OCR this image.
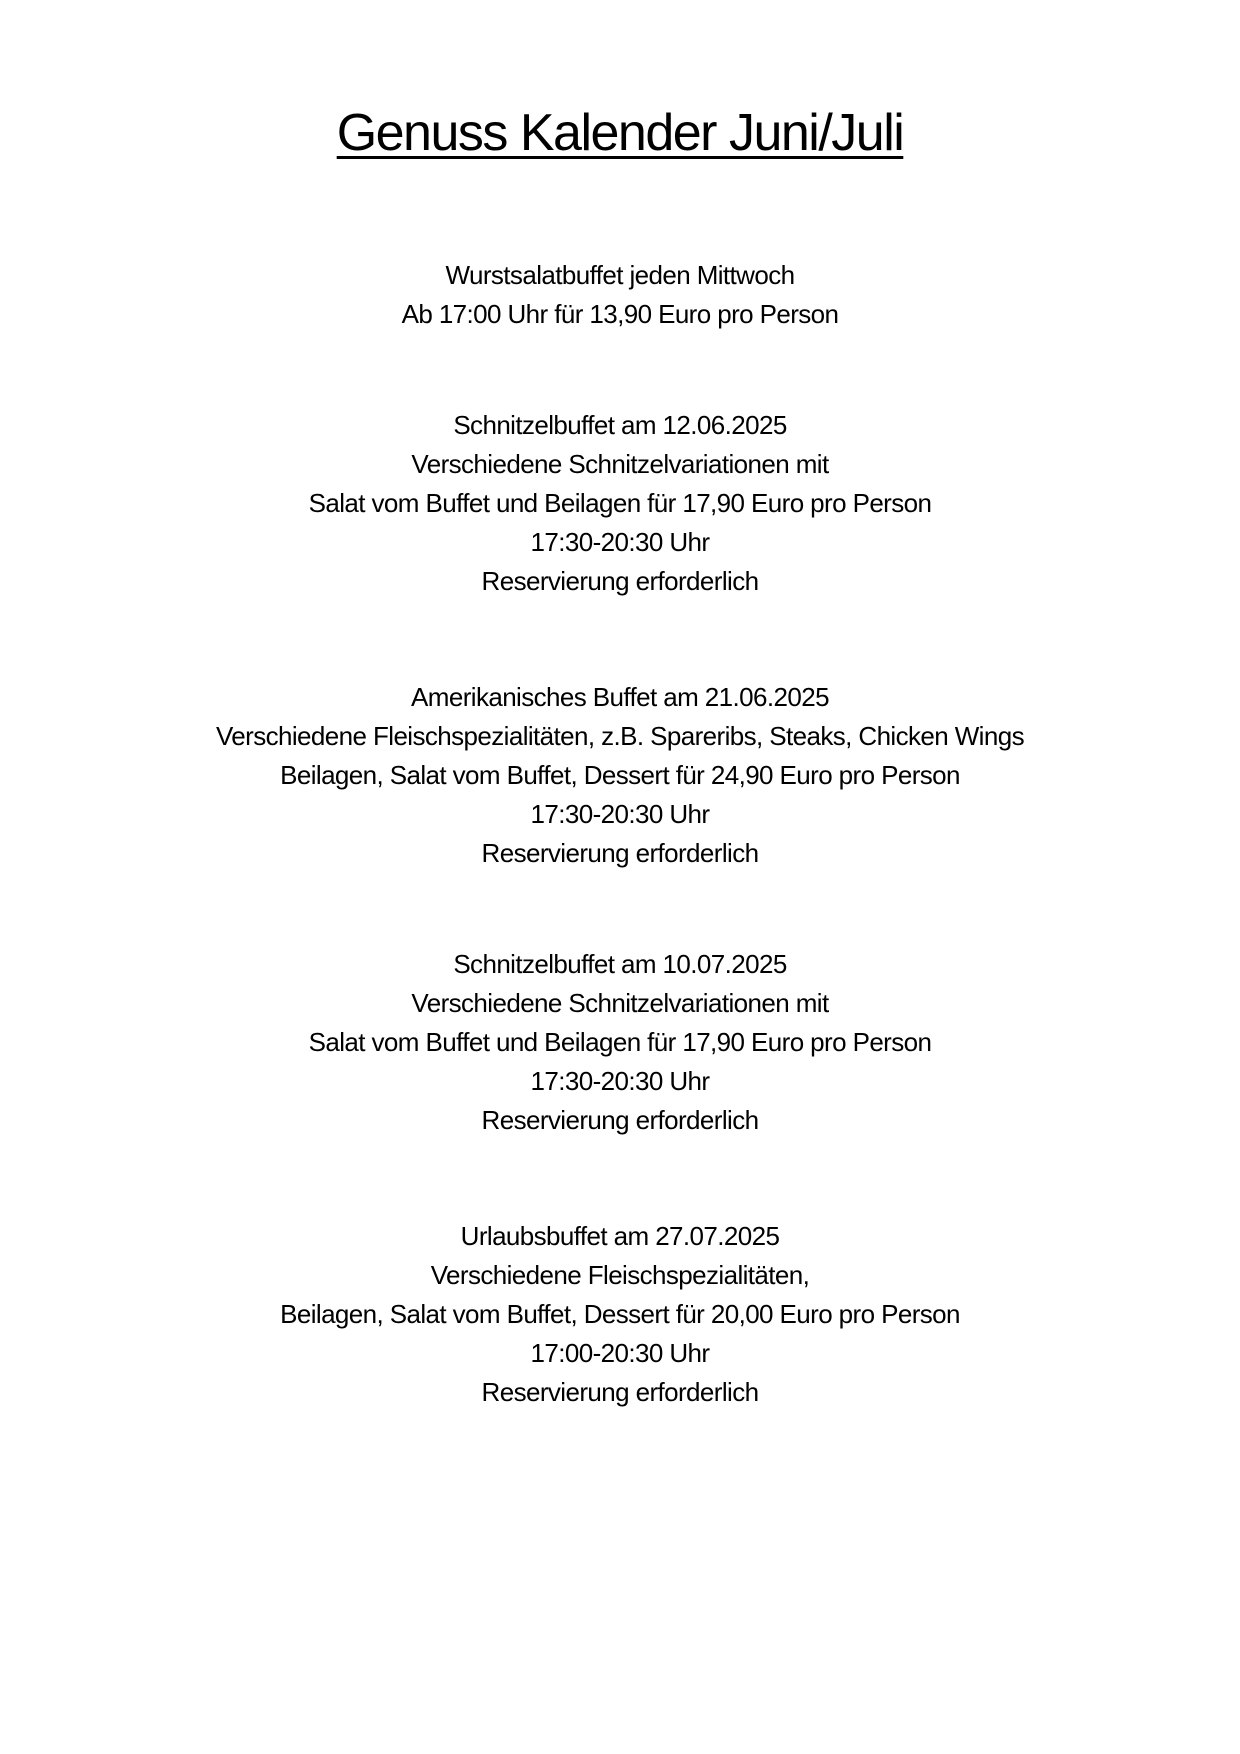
Genuss Kalender Juni/Juli
Wurstsalatbuffet jeden Mittwoch
Ab 17:00 Uhr für 13,90 Euro pro Person
Schnitzelbuffet am 12.06.2025
Verschiedene Schnitzelvariationen mit
Salat vom Buffet und Beilagen für 17,90 Euro pro Person
17:30-20:30 Uhr
Reservierung erforderlich
Amerikanisches Buffet am 21.06.2025
Verschiedene Fleischspezialitäten, z.B. Spareribs, Steaks, Chicken Wings
Beilagen, Salat vom Buffet, Dessert für 24,90 Euro pro Person
17:30-20:30 Uhr
Reservierung erforderlich
Schnitzelbuffet am 10.07.2025
Verschiedene Schnitzelvariationen mit
Salat vom Buffet und Beilagen für 17,90 Euro pro Person
17:30-20:30 Uhr
Reservierung erforderlich
Urlaubsbuffet am 27.07.2025
Verschiedene Fleischspezialitäten,
Beilagen, Salat vom Buffet, Dessert für 20,00 Euro pro Person
17:00-20:30 Uhr
Reservierung erforderlich
